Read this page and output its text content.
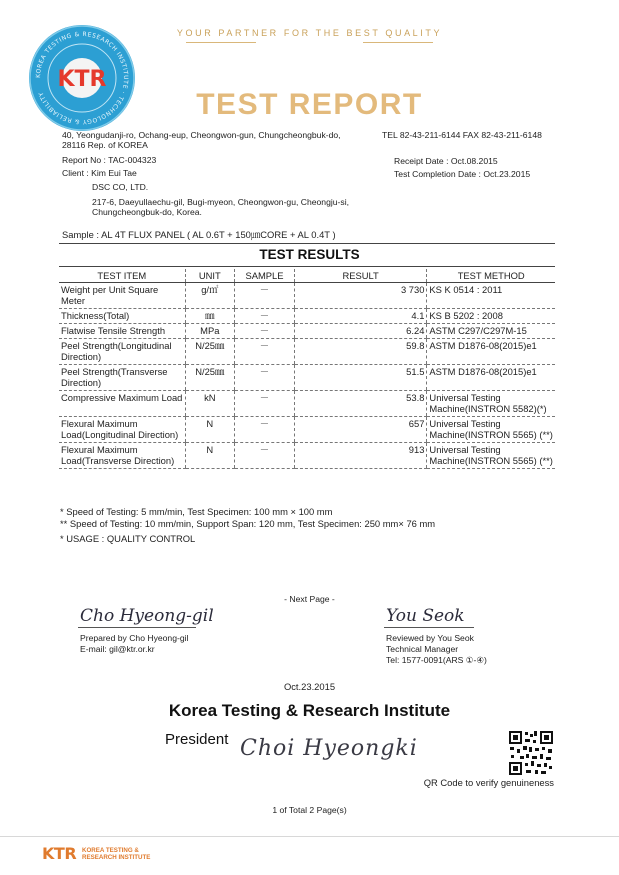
YOUR PARTNER FOR THE BEST QUALITY
KOREA TESTING & RESEARCH INSTITUTE · TECHNOLOGY & RELIABILITY
KTR
TEST REPORT
40, Yeongudanji-ro, Ochang-eup, Cheongwon-gun, Chungcheongbuk-do,
28116 Rep. of KOREA
TEL 82-43-211-6144 FAX 82-43-211-6148
Report No : TAC-004323
Client : Kim Eui Tae
DSC CO, LTD.
217-6, Daeyullaechu-gil, Bugi-myeon, Cheongwon-gu, Cheongju-si,
Chungcheongbuk-do, Korea.
Receipt Date : Oct.08.2015
Test Completion Date : Oct.23.2015
Sample : AL 4T FLUX PANEL ( AL 0.6T + 150㎛CORE + AL 0.4T )
TEST RESULTS
TEST ITEM	UNIT	SAMPLE	RESULT	TEST METHOD
Weight per Unit Square Meter	g/㎡	－	3 730	KS K 0514 : 2011
Thickness(Total)	㎜	－	4.1	KS B 5202 : 2008
Flatwise Tensile Strength	MPa	－	6.24	ASTM C297/C297M-15
Peel Strength(Longitudinal Direction)	N/25㎜	－	59.8	ASTM D1876-08(2015)e1
Peel Strength(Transverse Direction)	N/25㎜	－	51.5	ASTM D1876-08(2015)e1
Compressive Maximum Load	kN	－	53.8	Universal Testing Machine(INSTRON 5582)(*)
Flexural Maximum Load(Longitudinal Direction)	N	－	657	Universal Testing Machine(INSTRON 5565) (**)
Flexural Maximum Load(Transverse Direction)	N	－	913	Universal Testing Machine(INSTRON 5565) (**)
* Speed of Testing: 5 mm/min, Test Specimen: 100 mm × 100 mm
** Speed of Testing: 10 mm/min, Support Span: 120 mm, Test Specimen: 250 mm× 76 mm
* USAGE : QUALITY CONTROL
- Next Page -
Cho Hyeong-gil
Prepared by Cho Hyeong-gil
E-mail: gil@ktr.or.kr
You Seok
Reviewed by You Seok
Technical Manager
Tel: 1577-0091(ARS ①-④)
Oct.23.2015
Korea Testing & Research Institute
President Choi Hyeongki
QR Code to verify genuineness
1 of Total 2 Page(s)
KTR KOREA TESTING &
RESEARCH INSTITUTE
